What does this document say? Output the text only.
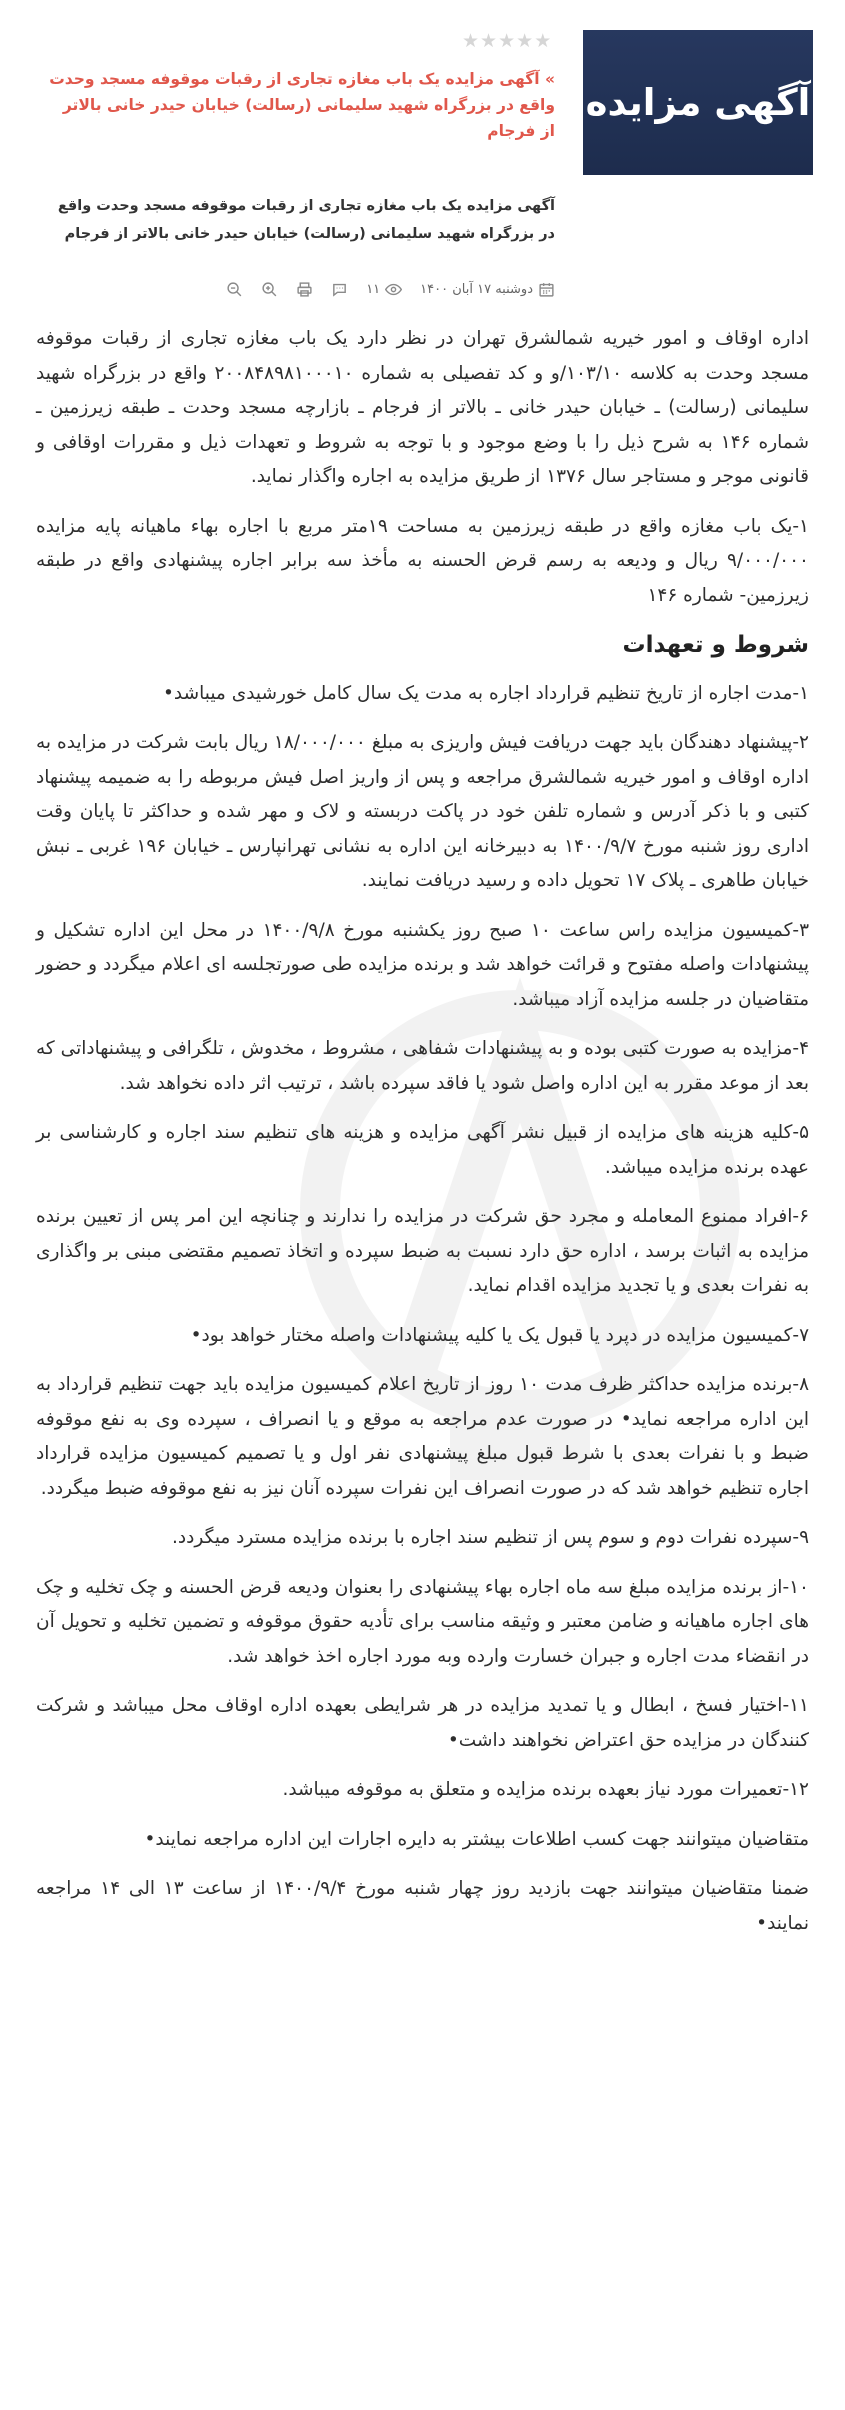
آگهی مزایده
★★★★★
» آگهی مزایده یک باب مغازه تجاری از رقبات موقوفه مسجد وحدت واقع در بزرگراه شهید سلیمانی (رسالت) خیابان حیدر خانی بالاتر از فرجام
آگهی مزایده یک باب مغازه تجاری از رقبات موقوفه مسجد وحدت واقع در بزرگراه شهید سلیمانی (رسالت) خیابان حیدر خانی بالاتر از فرجام
دوشنبه ۱۷ آبان ۱۴۰۰
۱۱

اداره اوقاف و امور خیریه شمالشرق تهران در نظر دارد یک باب مغازه تجاری از رقبات موقوفه مسجد وحدت به کلاسه ۱۰۳/۱۰/و و کد تفصیلی به شماره ۲۰۰۸۴۸۹۸۱۰۰۰۱۰ واقع در بزرگراه شهید سلیمانی (رسالت) ـ خیابان حیدر خانی ـ بالاتر از فرجام ـ بازارچه مسجد وحدت ـ طبقه زیرزمین ـ شماره ۱۴۶ به شرح ذیل را با وضع موجود و با توجه به شروط و تعهدات ذیل و مقررات اوقافی و قانونی موجر و مستاجر سال ۱۳۷۶ از طریق مزایده به اجاره واگذار نماید.

۱-یک باب مغازه واقع در طبقه زیرزمین به مساحت ۱۹متر مربع با اجاره بهاء ماهیانه پایه مزایده ۹/۰۰۰/۰۰۰ ریال و ودیعه به رسم قرض الحسنه به مأخذ سه برابر اجاره پیشنهادی واقع در طبقه زیرزمین- شماره ۱۴۶

شروط و تعهدات

۱-مدت اجاره از تاریخ تنظیم قرارداد اجاره به مدت یک سال کامل خورشیدی میباشد•

۲-پیشنهاد دهندگان باید جهت دریافت فیش واریزی به مبلغ ۱۸/۰۰۰/۰۰۰ ریال بابت شرکت در مزایده به اداره اوقاف و امور خیریه شمالشرق مراجعه و پس از واریز اصل فیش مربوطه را به ضمیمه پیشنهاد کتبی و با ذکر آدرس و شماره تلفن خود در پاکت دربسته و لاک و مهر شده و حداکثر تا پایان وقت اداری روز شنبه مورخ ۱۴۰۰/۹/۷ به دبیرخانه این اداره به نشانی تهرانپارس ـ خیابان ۱۹۶ غربی ـ نبش خیابان طاهری ـ پلاک ۱۷ تحویل داده و رسید دریافت نمایند.

۳-کمیسیون مزایده راس ساعت ۱۰ صبح روز یکشنبه مورخ ۱۴۰۰/۹/۸ در محل این اداره تشکیل و پیشنهادات واصله مفتوح و قرائت خواهد شد و برنده مزایده طی صورتجلسه ای اعلام میگردد و حضور متقاضیان در جلسه مزایده آزاد میباشد.

۴-مزایده به صورت کتبی بوده و به پیشنهادات شفاهی ، مشروط ، مخدوش ، تلگرافی و پیشنهاداتی که بعد از موعد مقرر به این اداره واصل شود یا فاقد سپرده باشد ، ترتیب اثر داده نخواهد شد.

۵-کلیه هزینه های مزایده از قبیل نشر آگهی مزایده و هزینه های تنظیم سند اجاره و کارشناسی بر عهده برنده مزایده میباشد.

۶-افراد ممنوع المعامله و مجرد حق شرکت در مزایده را ندارند و چنانچه این امر پس از تعیین برنده مزایده به اثبات برسد ، اداره حق دارد نسبت به ضبط سپرده و اتخاذ تصمیم مقتضی مبنی بر واگذاری به نفرات بعدی و یا تجدید مزایده اقدام نماید.

۷-کمیسیون مزایده در دپرد یا قبول یک یا کلیه پیشنهادات واصله مختار خواهد بود•

۸-برنده مزایده حداکثر ظرف مدت ۱۰ روز از تاریخ اعلام کمیسیون مزایده باید جهت تنظیم قرارداد به این اداره مراجعه نماید• در صورت عدم مراجعه به موقع و یا انصراف ، سپرده وی به نفع موقوفه ضبط و با نفرات بعدی با شرط قبول مبلغ پیشنهادی نفر اول و یا تصمیم کمیسیون مزایده قرارداد اجاره تنظیم خواهد شد که در صورت انصراف این نفرات سپرده آنان نیز به نفع موقوفه ضبط میگردد.

۹-سپرده نفرات دوم و سوم پس از تنظیم سند اجاره با برنده مزایده مسترد میگردد.

۱۰-از برنده مزایده مبلغ سه ماه اجاره بهاء پیشنهادی را بعنوان ودیعه قرض الحسنه و چک تخلیه و چک های اجاره ماهیانه و ضامن معتبر و وثیقه مناسب برای تأدیه حقوق موقوفه و تضمین تخلیه و تحویل آن در انقضاء مدت اجاره و جبران خسارت وارده وبه مورد اجاره اخذ خواهد شد.

۱۱-اختیار فسخ ، ابطال و یا تمدید مزایده در هر شرایطی بعهده اداره اوقاف محل میباشد و شرکت کنندگان در مزایده حق اعتراض نخواهند داشت•

۱۲-تعمیرات مورد نیاز بعهده برنده مزایده و متعلق به موقوفه میباشد.

متقاضیان میتوانند جهت کسب اطلاعات بیشتر به دایره اجارات این اداره مراجعه نمایند•

ضمنا متقاضیان میتوانند جهت بازدید روز چهار شنبه مورخ ۱۴۰۰/۹/۴ از ساعت ۱۳ الی ۱۴ مراجعه نمایند•
